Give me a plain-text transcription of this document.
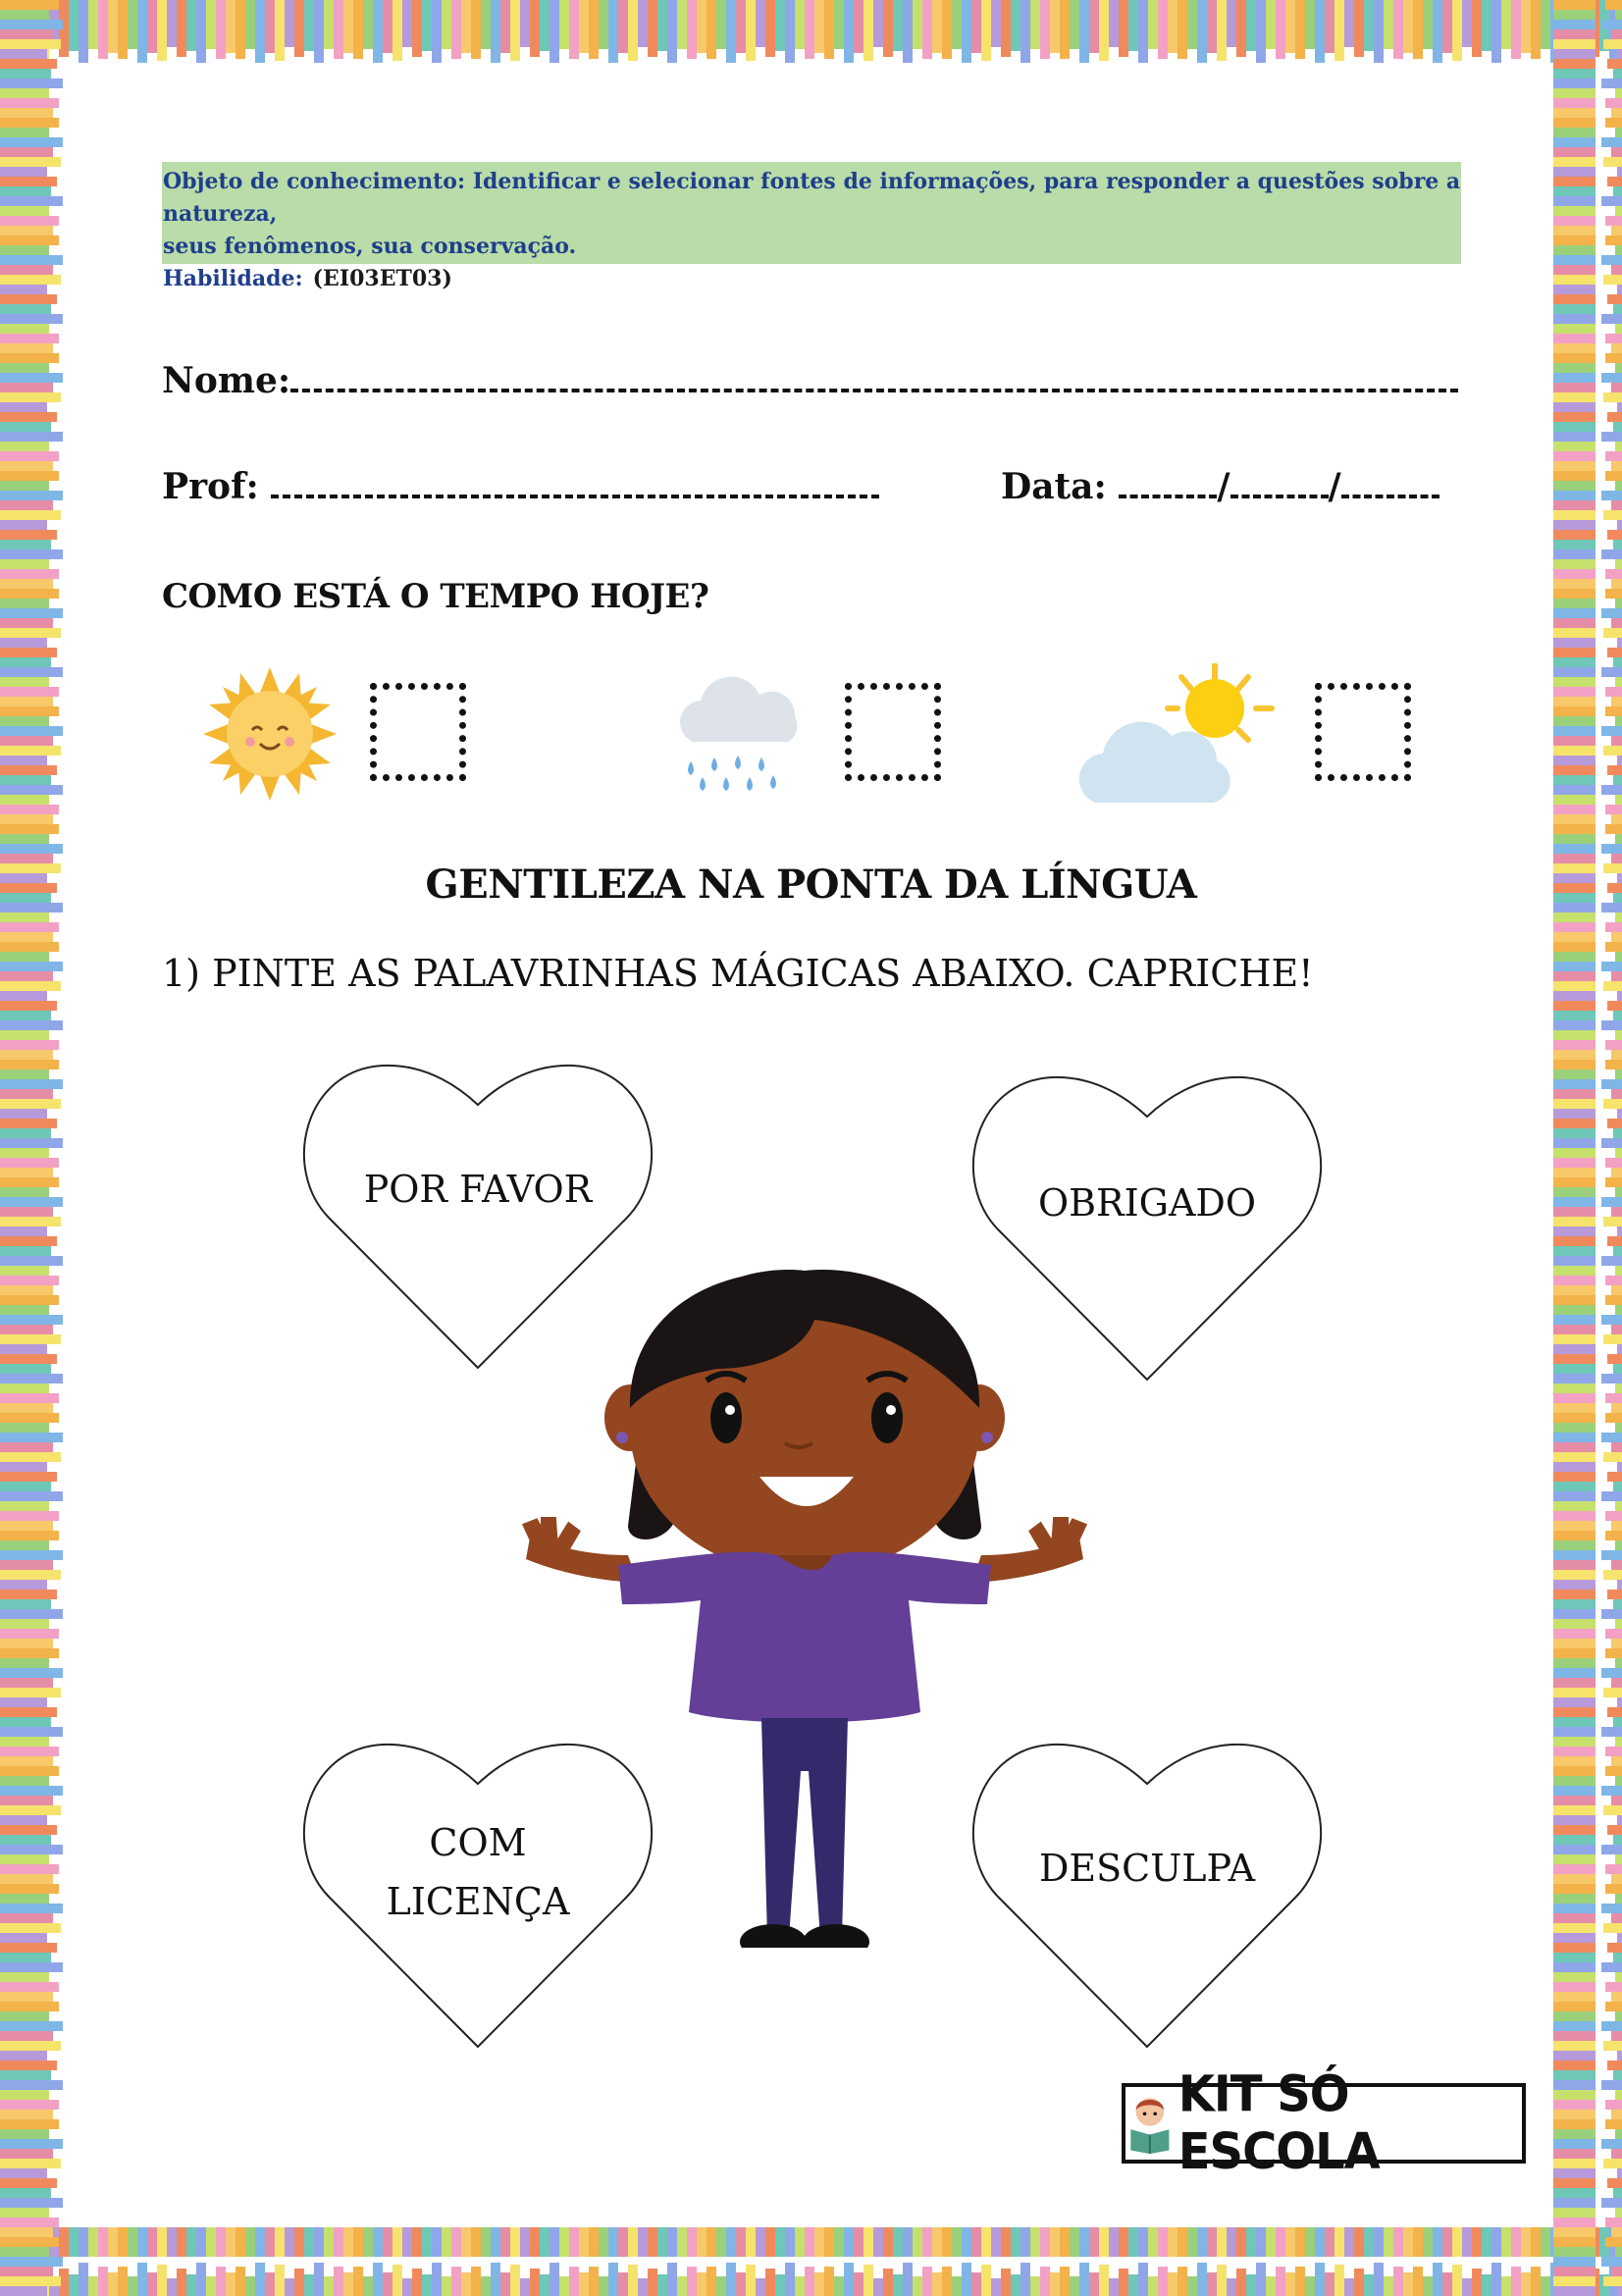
Objeto de conhecimento: Identificar e selecionar fontes de informações, para responder a questões sobre a natureza,
seus fenômenos, sua conservação.
Habilidade: (EI03ET03)
Nome:
Prof:	Data:	/	/
COMO ESTÁ O TEMPO HOJE?
GENTILEZA NA PONTA DA LÍNGUA
1) PINTE AS PALAVRINHAS MÁGICAS ABAIXO. CAPRICHE!
POR FAVOR	OBRIGADO
COM
LICENÇA
DESCULPA
KIT SÓ ESCOLA
